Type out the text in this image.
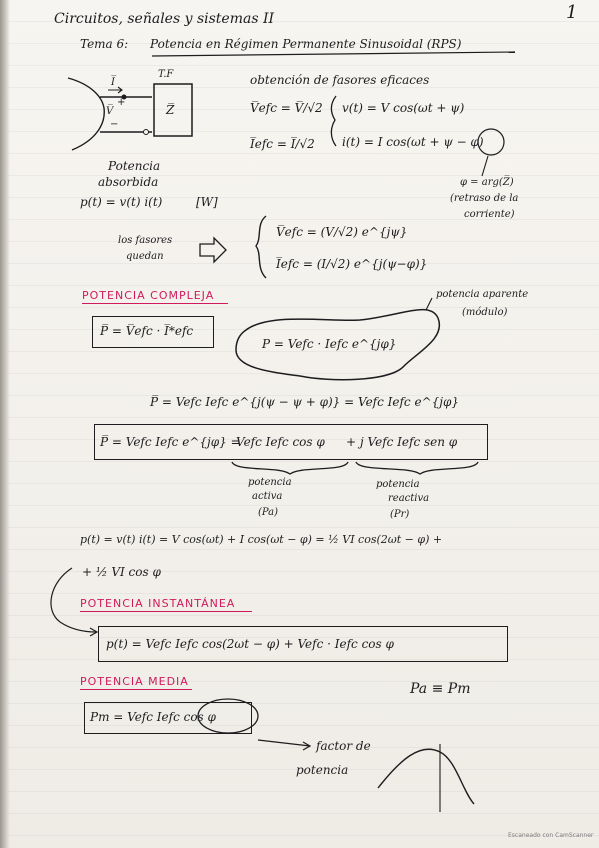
Circuitos, señales y sistemas II	1
Tema 6: Potencia en Régimen Permanente Sinusoidal (RPS)
I̅
+
V̅
−
T.F
Z̅
Potencia
absorbida
obtención de fasores eficaces
V̅efc = V̅/√2
I̅efc = I̅/√2
v(t) = V cos(ωt + ψ)
i(t) = I cos(ωt + ψ − φ)
φ = arg(Z̅)
(retraso de la
corriente)
p(t) = v(t) i(t)	[W]
los fasores
quedan
V̅efc = (V/√2) e^{jψ}
I̅efc = (I/√2) e^{j(ψ−φ)}
POTENCIA COMPLEJA
P̅ = V̅efc · I̅*efc
P = Vefc · Iefc e^{jφ}
potencia aparente
(módulo)
P̅ = Vefc Iefc e^{j(ψ − ψ + φ)} = Vefc Iefc e^{jφ}
P̅ = Vefc Iefc e^{jφ} =
Vefc Iefc cos φ + j Vefc Iefc sen φ
potencia
activa
(Pa)
potencia
reactiva
(Pr)
p(t) = v(t) i(t) = V cos(ωt) + I cos(ωt − φ) = ½ VI cos(2ωt − φ) +
+ ½ VI cos φ
POTENCIA INSTANTÁNEA
p(t) = Vefc Iefc cos(2ωt − φ) + Vefc · Iefc cos φ
POTENCIA MEDIA	Pa ≡ Pm
Pm = Vefc Iefc cos φ
factor de
potencia
Escaneado con CamScanner
